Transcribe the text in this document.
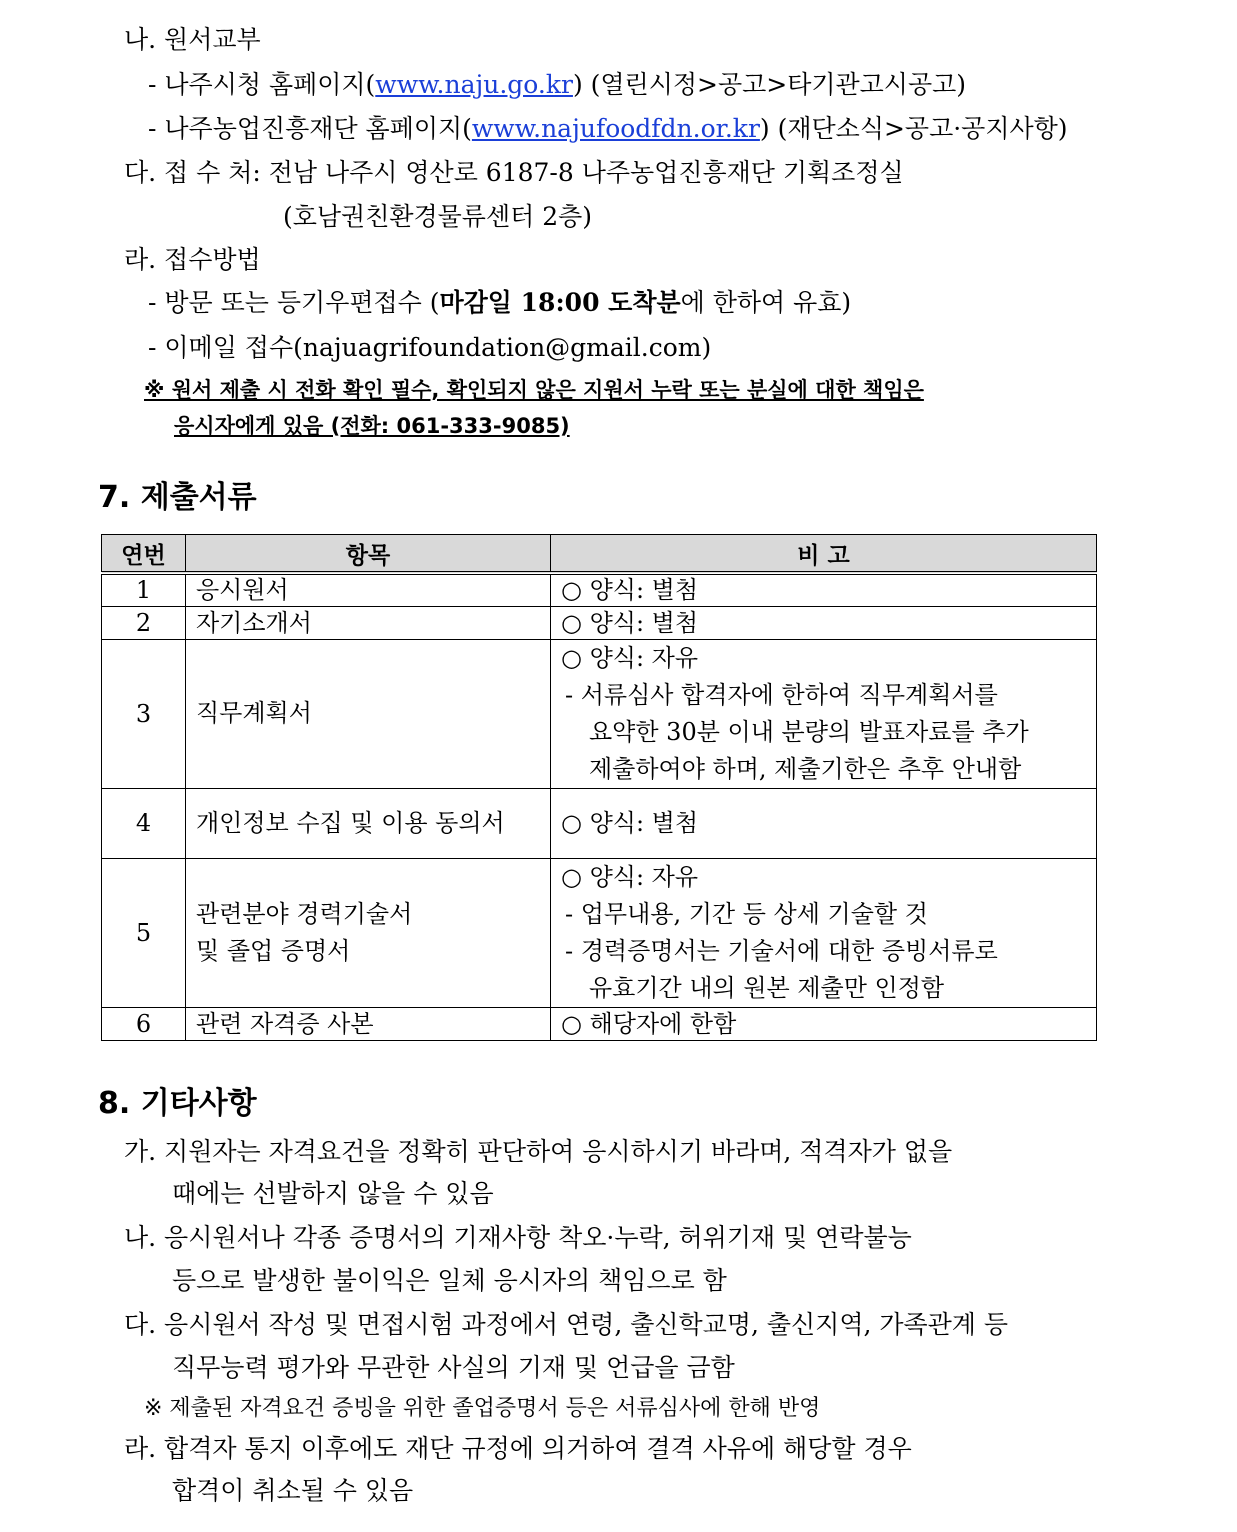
나. 원서교부
- 나주시청 홈페이지(www.naju.go.kr) (열린시정>공고>타기관고시공고)
- 나주농업진흥재단 홈페이지(www.najufoodfdn.or.kr) (재단소식>공고·공지사항)
다. 접 수 처: 전남 나주시 영산로 6187-8 나주농업진흥재단 기획조정실
(호남권친환경물류센터 2층)
라. 접수방법
- 방문 또는 등기우편접수 (마감일 18:00 도착분에 한하여 유효)
- 이메일 접수(najuagrifoundation@gmail.com)
※ 원서 제출 시 전화 확인 필수, 확인되지 않은 지원서 누락 또는 분실에 대한 책임은
응시자에게 있음 (전화: 061-333-9085)
7. 제출서류
연번	항목	비 고
1	응시원서	○ 양식: 별첨

2	자기소개서	○ 양식: 별첨

3	직무계획서	○ 양식: 자유
- 서류심사 합격자에 한하여 직무계획서를
요약한 30분 이내 분량의 발표자료를 추가
제출하여야 하며, 제출기한은 추후 안내함

4	개인정보 수집 및 이용 동의서	○ 양식: 별첨

5	관련분야 경력기술서
및 졸업 증명서	○ 양식: 자유
- 업무내용, 기간 등 상세 기술할 것
- 경력증명서는 기술서에 대한 증빙서류로
유효기간 내의 원본 제출만 인정함

6	관련 자격증 사본	○ 해당자에 한함
8. 기타사항
가. 지원자는 자격요건을 정확히 판단하여 응시하시기 바라며, 적격자가 없을
때에는 선발하지 않을 수 있음
나. 응시원서나 각종 증명서의 기재사항 착오·누락, 허위기재 및 연락불능
등으로 발생한 불이익은 일체 응시자의 책임으로 함
다. 응시원서 작성 및 면접시험 과정에서 연령, 출신학교명, 출신지역, 가족관계 등
직무능력 평가와 무관한 사실의 기재 및 언급을 금함
※ 제출된 자격요건 증빙을 위한 졸업증명서 등은 서류심사에 한해 반영
라. 합격자 통지 이후에도 재단 규정에 의거하여 결격 사유에 해당할 경우
합격이 취소될 수 있음
